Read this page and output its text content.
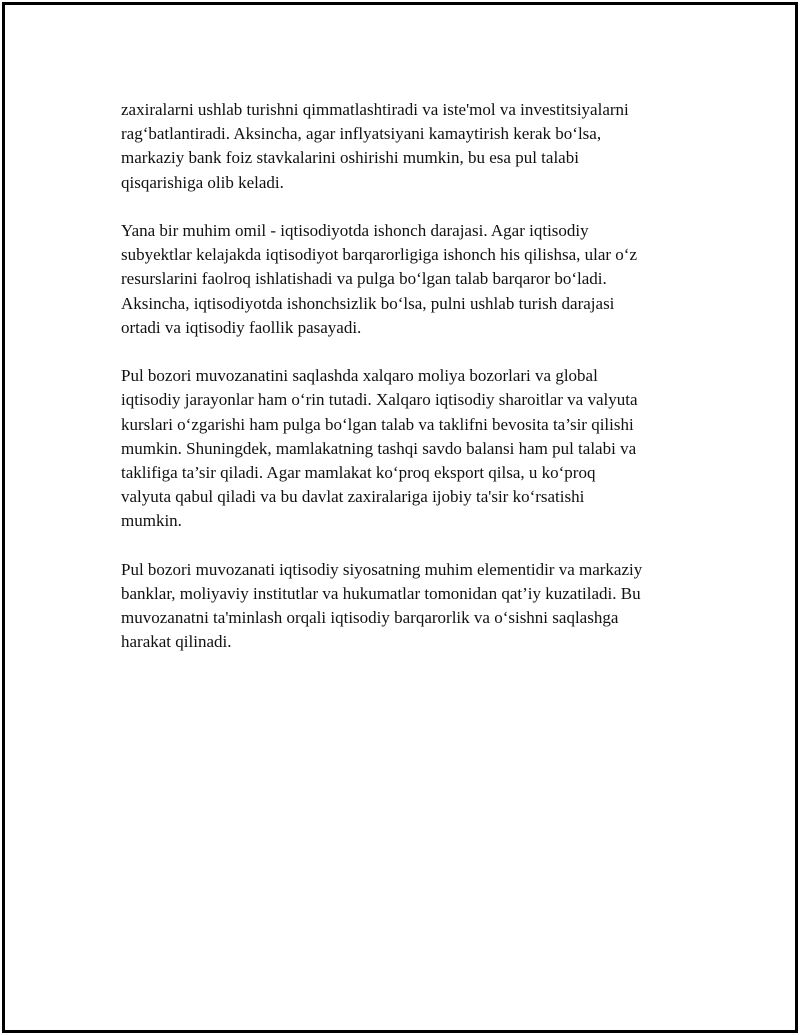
zaxiralarni ushlab turishni qimmatlashtiradi va iste'mol va investitsiyalarni
rag‘batlantiradi. Aksincha, agar inflyatsiyani kamaytirish kerak bo‘lsa,
markaziy bank foiz stavkalarini oshirishi mumkin, bu esa pul talabi
qisqarishiga olib keladi.

Yana bir muhim omil - iqtisodiyotda ishonch darajasi. Agar iqtisodiy
subyektlar kelajakda iqtisodiyot barqarorligiga ishonch his qilishsa, ular o‘z
resurslarini faolroq ishlatishadi va pulga bo‘lgan talab barqaror bo‘ladi.
Aksincha, iqtisodiyotda ishonchsizlik bo‘lsa, pulni ushlab turish darajasi
ortadi va iqtisodiy faollik pasayadi.

Pul bozori muvozanatini saqlashda xalqaro moliya bozorlari va global
iqtisodiy jarayonlar ham o‘rin tutadi. Xalqaro iqtisodiy sharoitlar va valyuta
kurslari o‘zgarishi ham pulga bo‘lgan talab va taklifni bevosita ta’sir qilishi
mumkin. Shuningdek, mamlakatning tashqi savdo balansi ham pul talabi va
taklifiga ta’sir qiladi. Agar mamlakat ko‘proq eksport qilsa, u ko‘proq
valyuta qabul qiladi va bu davlat zaxiralariga ijobiy ta'sir ko‘rsatishi
mumkin.

Pul bozori muvozanati iqtisodiy siyosatning muhim elementidir va markaziy
banklar, moliyaviy institutlar va hukumatlar tomonidan qat’iy kuzatiladi. Bu
muvozanatni ta'minlash orqali iqtisodiy barqarorlik va o‘sishni saqlashga
harakat qilinadi.
